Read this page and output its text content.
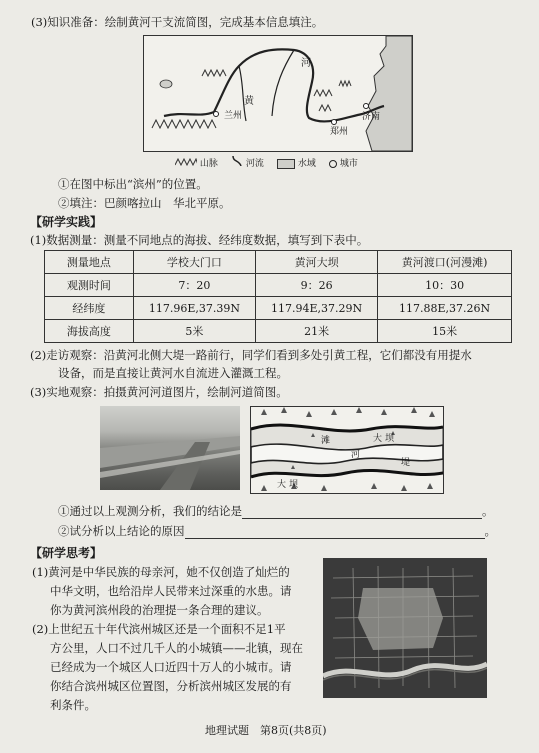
(3)知识准备：绘制黄河干支流简图，完成基本信息填注。
河
黄
兰州
郑州
济南
山脉	河流	水域	城市
①在图中标出“滨州”的位置。
②填注：巴颜喀拉山　华北平原。
【研学实践】
(1)数据测量：测量不同地点的海拔、经纬度数据，填写到下表中。
测量地点	学校大门口	黄河大坝	黄河渡口(河漫滩)
观测时间	7：20	9：26	10：30
经纬度	117.96E,37.39N	117.94E,37.29N	117.88E,37.26N
海拔高度	5米	21米	15米
(2)走访观察：沿黄河北侧大堤一路前行，同学们看到多处引黄工程，它们都没有用提水
设备，而是直接让黄河水自流进入灌溉工程。
(3)实地观察：拍摄黄河河道图片，绘制河道简图。
大 坝
滩
河
堤
大 坝
①通过以上观测分析，我们的结论是	。
②试分析以上结论的原因	。
【研学思考】
(1)黄河是中华民族的母亲河，她不仅创造了灿烂的
中华文明，也给沿岸人民带来过深重的水患。请
你为黄河滨州段的治理提一条合理的建议。
(2)上世纪五十年代滨州城区还是一个面积不足1平
方公里，人口不过几千人的小城镇——北镇，现在
已经成为一个城区人口近四十万人的小城市。请
你结合滨州城区位置图，分析滨州城区发展的有
利条件。
地理试题　第8页(共8页)
